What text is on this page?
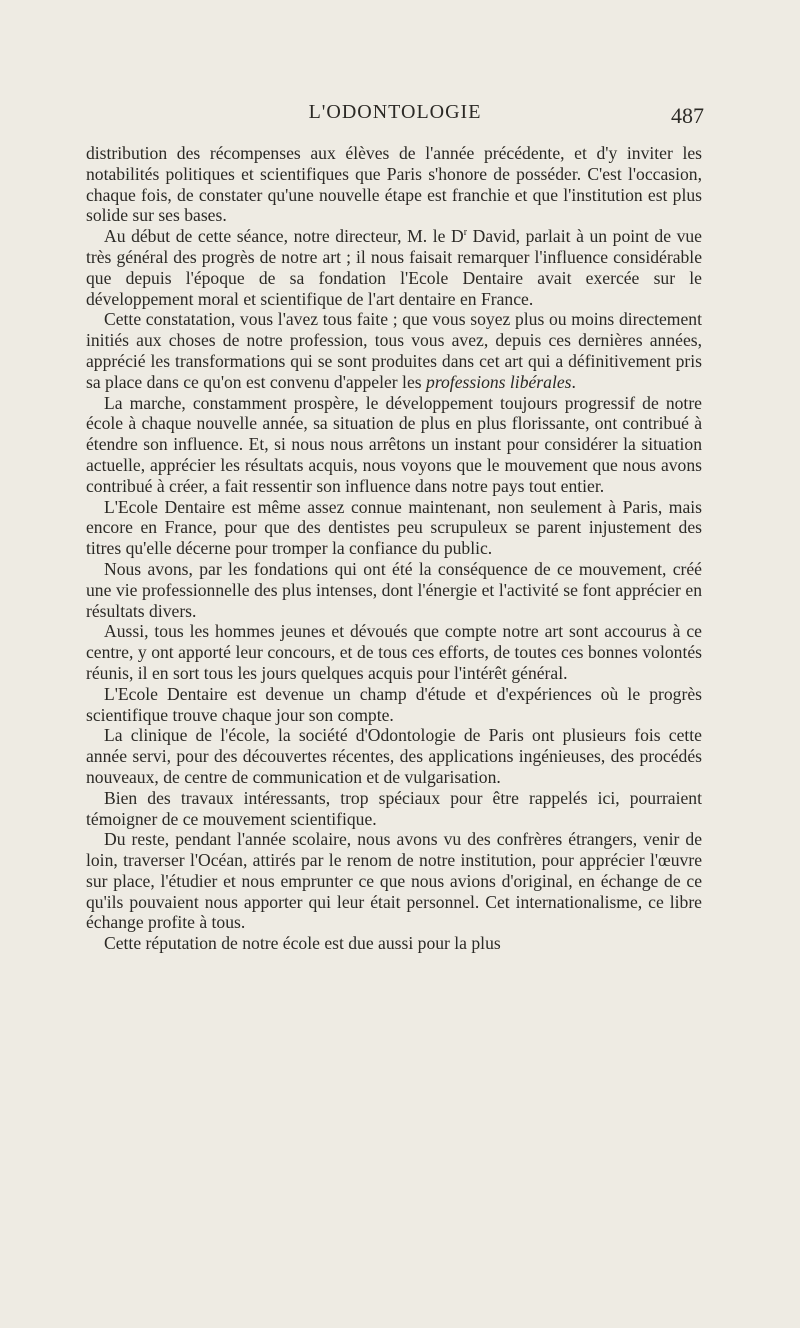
L'ODONTOLOGIE	487

distribution des récompenses aux élèves de l'année précédente, et d'y inviter les notabilités politiques et scientifiques que Paris s'honore de posséder. C'est l'occasion, chaque fois, de constater qu'une nouvelle étape est franchie et que l'institution est plus solide sur ses bases.

Au début de cette séance, notre directeur, M. le $D^r$ David, parlait à un point de vue très général des progrès de notre art ; il nous faisait remarquer l'influence considérable que depuis l'époque de sa fondation l'Ecole Dentaire avait exercée sur le développement moral et scientifique de l'art dentaire en France.

Cette constatation, vous l'avez tous faite ; que vous soyez plus ou moins directement initiés aux choses de notre profession, tous vous avez, depuis ces dernières années, apprécié les transformations qui se sont produites dans cet art qui a définitivement pris sa place dans ce qu'on est convenu d'appeler les professions libérales.

La marche, constamment prospère, le développement toujours progressif de notre école à chaque nouvelle année, sa situation de plus en plus florissante, ont contribué à étendre son influence. Et, si nous nous arrêtons un instant pour considérer la situation actuelle, apprécier les résultats acquis, nous voyons que le mouvement que nous avons contribué à créer, a fait ressentir son influence dans notre pays tout entier.

L'Ecole Dentaire est même assez connue maintenant, non seulement à Paris, mais encore en France, pour que des dentistes peu scrupuleux se parent injustement des titres qu'elle décerne pour tromper la confiance du public.

Nous avons, par les fondations qui ont été la conséquence de ce mouvement, créé une vie professionnelle des plus intenses, dont l'énergie et l'activité se font apprécier en résultats divers.

Aussi, tous les hommes jeunes et dévoués que compte notre art sont accourus à ce centre, y ont apporté leur concours, et de tous ces efforts, de toutes ces bonnes volontés réunis, il en sort tous les jours quelques acquis pour l'intérêt général.

L'Ecole Dentaire est devenue un champ d'étude et d'expériences où le progrès scientifique trouve chaque jour son compte.

La clinique de l'école, la société d'Odontologie de Paris ont plusieurs fois cette année servi, pour des découvertes récentes, des applications ingénieuses, des procédés nouveaux, de centre de communication et de vulgarisation.

Bien des travaux intéressants, trop spéciaux pour être rappelés ici, pourraient témoigner de ce mouvement scientifique.

Du reste, pendant l'année scolaire, nous avons vu des confrères étrangers, venir de loin, traverser l'Océan, attirés par le renom de notre institution, pour apprécier l'œuvre sur place, l'étudier et nous emprunter ce que nous avions d'original, en échange de ce qu'ils pouvaient nous apporter qui leur était personnel. Cet internationalisme, ce libre échange profite à tous.

Cette réputation de notre école est due aussi pour la plus
